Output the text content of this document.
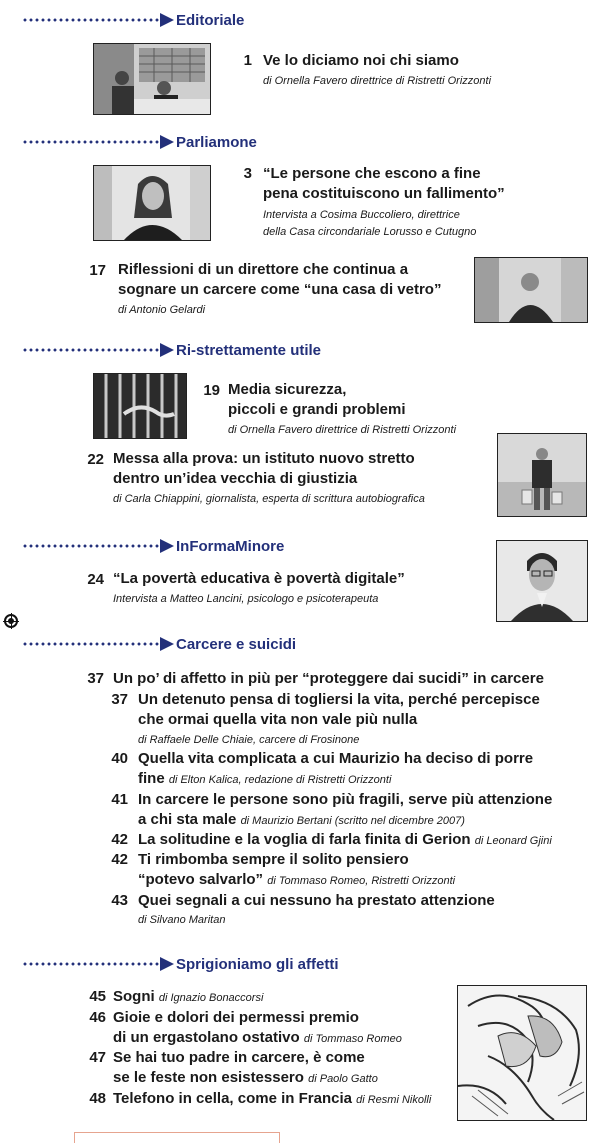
Editoriale
1 Ve lo diciamo noi chi siamo
di Ornella Favero direttrice di Ristretti Orizzonti
Parliamone
3 “Le persone che escono a fine
pena costituiscono un fallimento”
Intervista a Cosima Buccoliero, direttrice
della Casa circondariale Lorusso e Cutugno
17 Riflessioni di un direttore che continua a
sognare un carcere come “una casa di vetro”
di Antonio Gelardi
Ri-strettamente utile
19 Media sicurezza,
piccoli e grandi problemi
di Ornella Favero direttrice di Ristretti Orizzonti
22 Messa alla prova: un istituto nuovo stretto
dentro un’idea vecchia di giustizia
di Carla Chiappini, giornalista, esperta di scrittura autobiografica
InFormaMinore
24 “La povertà educativa è povertà digitale”
Intervista a Matteo Lancini, psicologo e psicoterapeuta
Carcere e suicidi
37 Un po’ di affetto in più per “proteggere dai sucidi” in carcere
37 Un detenuto pensa di togliersi la vita, perché percepisce
che ormai quella vita non vale più nulla
di Raffaele Delle Chiaie, carcere di Frosinone
40 Quella vita complicata a cui Maurizio ha deciso di porre
fine di Elton Kalica, redazione di Ristretti Orizzonti
41 In carcere le persone sono più fragili, serve più attenzione
a chi sta male di Maurizio Bertani (scritto nel dicembre 2007)
42 La solitudine e la voglia di farla finita di Gerion di Leonard Gjini
42 Ti rimbomba sempre il solito pensiero
“potevo salvarlo” di Tommaso Romeo, Ristretti Orizzonti
43 Quei segnali a cui nessuno ha prestato attenzione
di Silvano Maritan
Sprigioniamo gli affetti
45 Sogni di Ignazio Bonaccorsi
46 Gioie e dolori dei permessi premio
di un ergastolano ostativo di Tommaso Romeo
47 Se hai tuo padre in carcere, è come
se le feste non esistessero di Paolo Gatto
48 Telefono in cella, come in Francia di Resmi Nikolli
